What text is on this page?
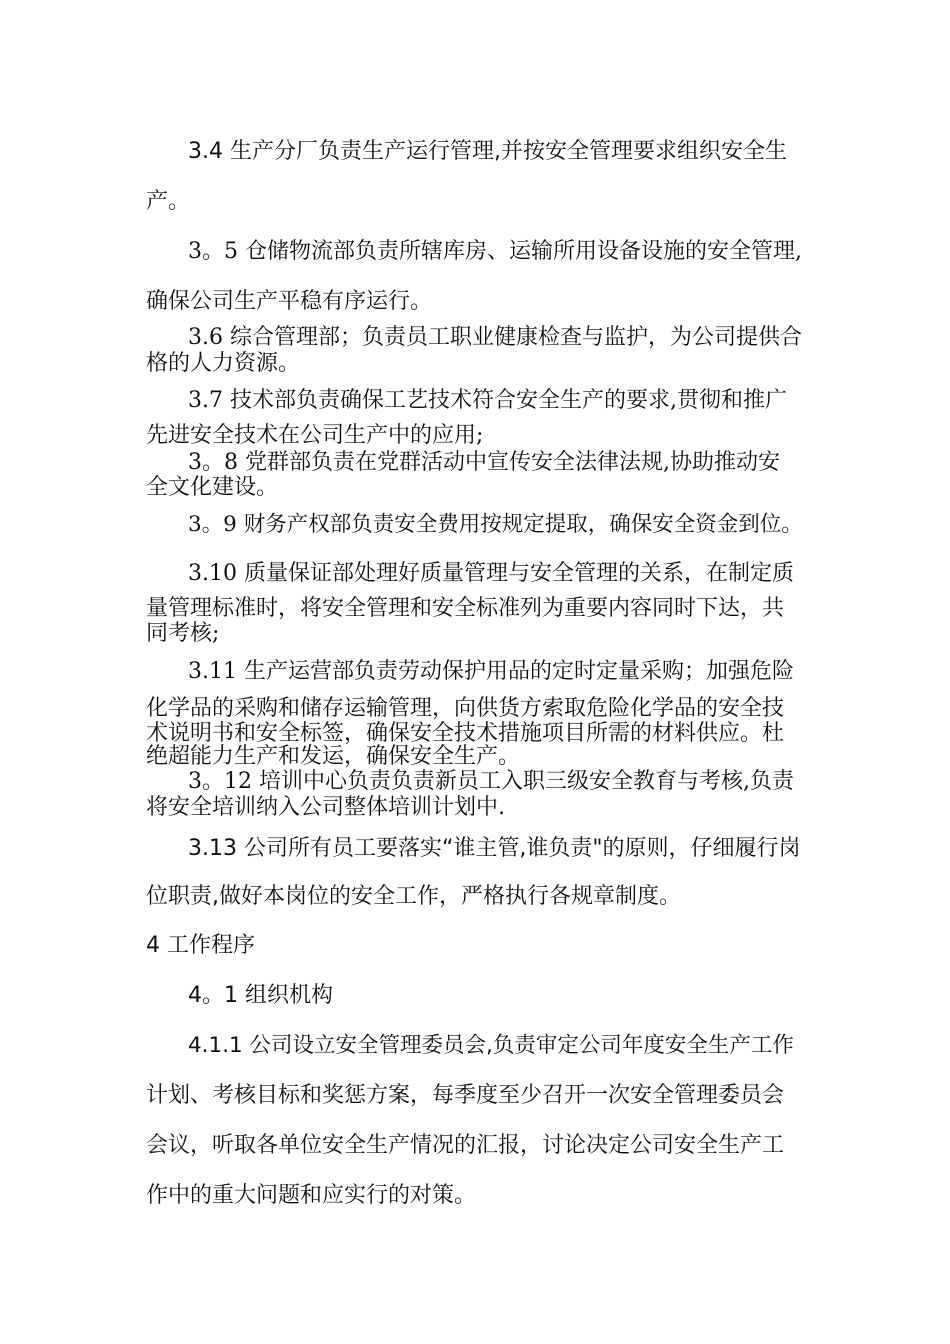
3.4 生产分厂负责生产运行管理,并按安全管理要求组织安全生
产。
3。5 仓储物流部负责所辖库房、运输所用设备设施的安全管理,
确保公司生产平稳有序运行。
3.6 综合管理部；负责员工职业健康检查与监护，为公司提供合
格的人力资源。
3.7 技术部负责确保工艺技术符合安全生产的要求,贯彻和推广
先进安全技术在公司生产中的应用;
3。8 党群部负责在党群活动中宣传安全法律法规,协助推动安
全文化建设。
3。9 财务产权部负责安全费用按规定提取，确保安全资金到位。
3.10 质量保证部处理好质量管理与安全管理的关系，在制定质
量管理标准时，将安全管理和安全标准列为重要内容同时下达，共
同考核;
3.11 生产运营部负责劳动保护用品的定时定量采购；加强危险
化学品的采购和储存运输管理，向供货方索取危险化学品的安全技
术说明书和安全标签，确保安全技术措施项目所需的材料供应。杜
绝超能力生产和发运，确保安全生产。
3。12 培训中心负责负责新员工入职三级安全教育与考核,负责
将安全培训纳入公司整体培训计划中.
3.13 公司所有员工要落实“谁主管,谁负责"的原则，仔细履行岗
位职责,做好本岗位的安全工作，严格执行各规章制度。
4 工作程序
4。1 组织机构
4.1.1 公司设立安全管理委员会,负责审定公司年度安全生产工作
计划、考核目标和奖惩方案，每季度至少召开一次安全管理委员会
会议，听取各单位安全生产情况的汇报，讨论决定公司安全生产工
作中的重大问题和应实行的对策。
